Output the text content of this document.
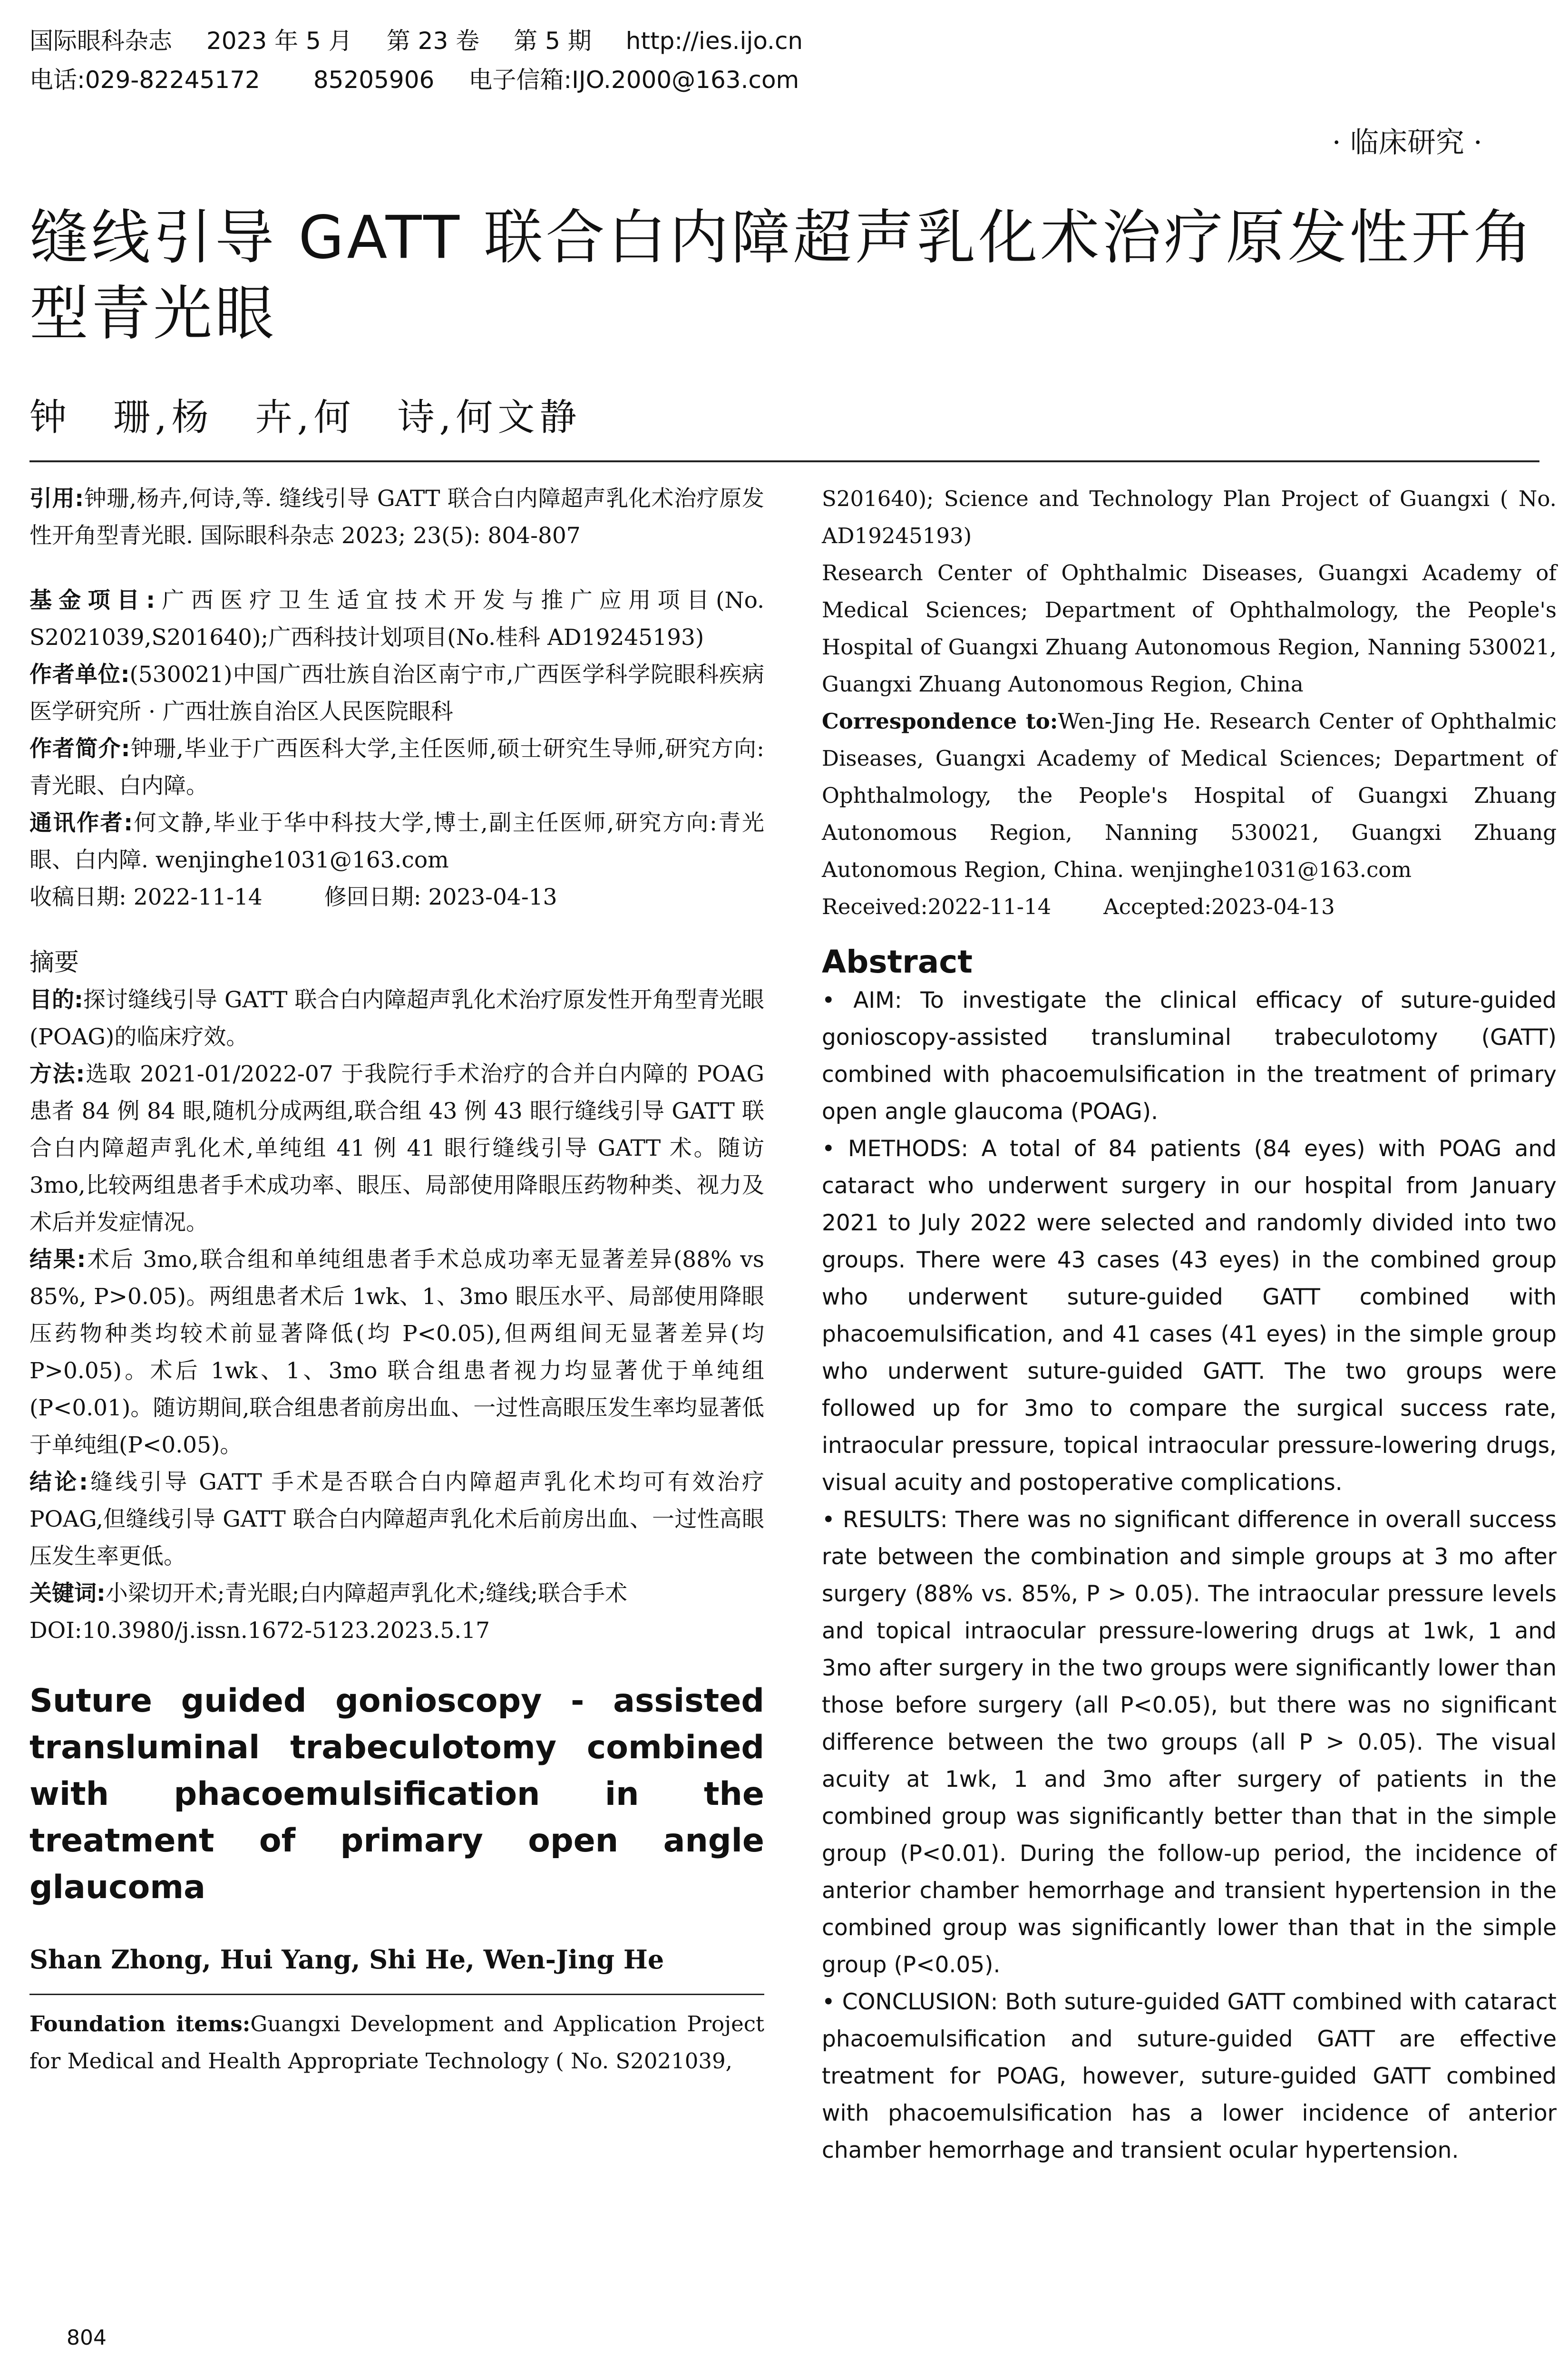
国际眼科杂志 2023 年 5 月 第 23 卷 第 5 期 http://ies.ijo.cn
电话:029-82245172 85205906 电子信箱:IJO.2000@163.com
· 临床研究 ·
缝线引导 GATT 联合白内障超声乳化术治疗原发性开角型青光眼
钟　珊,杨　卉,何　诗,何文静

引用:钟珊,杨卉,何诗,等. 缝线引导 GATT 联合白内障超声乳化术治疗原发性开角型青光眼. 国际眼科杂志 2023; 23(5): 804-807

基金项目:广西医疗卫生适宜技术开发与推广应用项目(No. S2021039,S201640);广西科技计划项目(No.桂科 AD19245193)

作者单位:(530021)中国广西壮族自治区南宁市,广西医学科学院眼科疾病医学研究所 · 广西壮族自治区人民医院眼科

作者简介:钟珊,毕业于广西医科大学,主任医师,硕士研究生导师,研究方向:青光眼、白内障。

通讯作者:何文静,毕业于华中科技大学,博士,副主任医师,研究方向:青光眼、白内障. wenjinghe1031@163.com

收稿日期: 2022-11-14	修回日期: 2023-04-13

摘要

目的:探讨缝线引导 GATT 联合白内障超声乳化术治疗原发性开角型青光眼(POAG)的临床疗效。

方法:选取 2021-01/2022-07 于我院行手术治疗的合并白内障的 POAG 患者 84 例 84 眼,随机分成两组,联合组 43 例 43 眼行缝线引导 GATT 联合白内障超声乳化术,单纯组 41 例 41 眼行缝线引导 GATT 术。随访 3mo,比较两组患者手术成功率、眼压、局部使用降眼压药物种类、视力及术后并发症情况。

结果:术后 3mo,联合组和单纯组患者手术总成功率无显著差异(88% vs 85%, P>0.05)。两组患者术后 1wk、1、3mo 眼压水平、局部使用降眼压药物种类均较术前显著降低(均 P<0.05),但两组间无显著差异(均 P>0.05)。术后 1wk、1、3mo 联合组患者视力均显著优于单纯组(P<0.01)。随访期间,联合组患者前房出血、一过性高眼压发生率均显著低于单纯组(P<0.05)。

结论:缝线引导 GATT 手术是否联合白内障超声乳化术均可有效治疗 POAG,但缝线引导 GATT 联合白内障超声乳化术后前房出血、一过性高眼压发生率更低。

关键词:小梁切开术;青光眼;白内障超声乳化术;缝线;联合手术

DOI:10.3980/j.issn.1672-5123.2023.5.17

Suture guided gonioscopy - assisted transluminal trabeculotomy combined with phacoemulsification in the treatment of primary open angle glaucoma

Shan Zhong, Hui Yang, Shi He, Wen-Jing He

Foundation items:Guangxi Development and Application Project for Medical and Health Appropriate Technology ( No. S2021039,

S201640); Science and Technology Plan Project of Guangxi ( No. AD19245193)

Research Center of Ophthalmic Diseases, Guangxi Academy of Medical Sciences; Department of Ophthalmology, the People's Hospital of Guangxi Zhuang Autonomous Region, Nanning 530021, Guangxi Zhuang Autonomous Region, China

Correspondence to:Wen-Jing He. Research Center of Ophthalmic Diseases, Guangxi Academy of Medical Sciences; Department of Ophthalmology, the People's Hospital of Guangxi Zhuang Autonomous Region, Nanning 530021, Guangxi Zhuang Autonomous Region, China. wenjinghe1031@163.com

Received:2022-11-14 Accepted:2023-04-13

Abstract

• AIM: To investigate the clinical efficacy of suture-guided gonioscopy-assisted transluminal trabeculotomy (GATT) combined with phacoemulsification in the treatment of primary open angle glaucoma (POAG).

• METHODS: A total of 84 patients (84 eyes) with POAG and cataract who underwent surgery in our hospital from January 2021 to July 2022 were selected and randomly divided into two groups. There were 43 cases (43 eyes) in the combined group who underwent suture-guided GATT combined with phacoemulsification, and 41 cases (41 eyes) in the simple group who underwent suture-guided GATT. The two groups were followed up for 3mo to compare the surgical success rate, intraocular pressure, topical intraocular pressure-lowering drugs, visual acuity and postoperative complications.

• RESULTS: There was no significant difference in overall success rate between the combination and simple groups at 3 mo after surgery (88% vs. 85%, P > 0.05). The intraocular pressure levels and topical intraocular pressure-lowering drugs at 1wk, 1 and 3mo after surgery in the two groups were significantly lower than those before surgery (all P<0.05), but there was no significant difference between the two groups (all P > 0.05). The visual acuity at 1wk, 1 and 3mo after surgery of patients in the combined group was significantly better than that in the simple group (P<0.01). During the follow-up period, the incidence of anterior chamber hemorrhage and transient hypertension in the combined group was significantly lower than that in the simple group (P<0.05).

• CONCLUSION: Both suture-guided GATT combined with cataract phacoemulsification and suture-guided GATT are effective treatment for POAG, however, suture-guided GATT combined with phacoemulsification has a lower incidence of anterior chamber hemorrhage and transient ocular hypertension.

804
